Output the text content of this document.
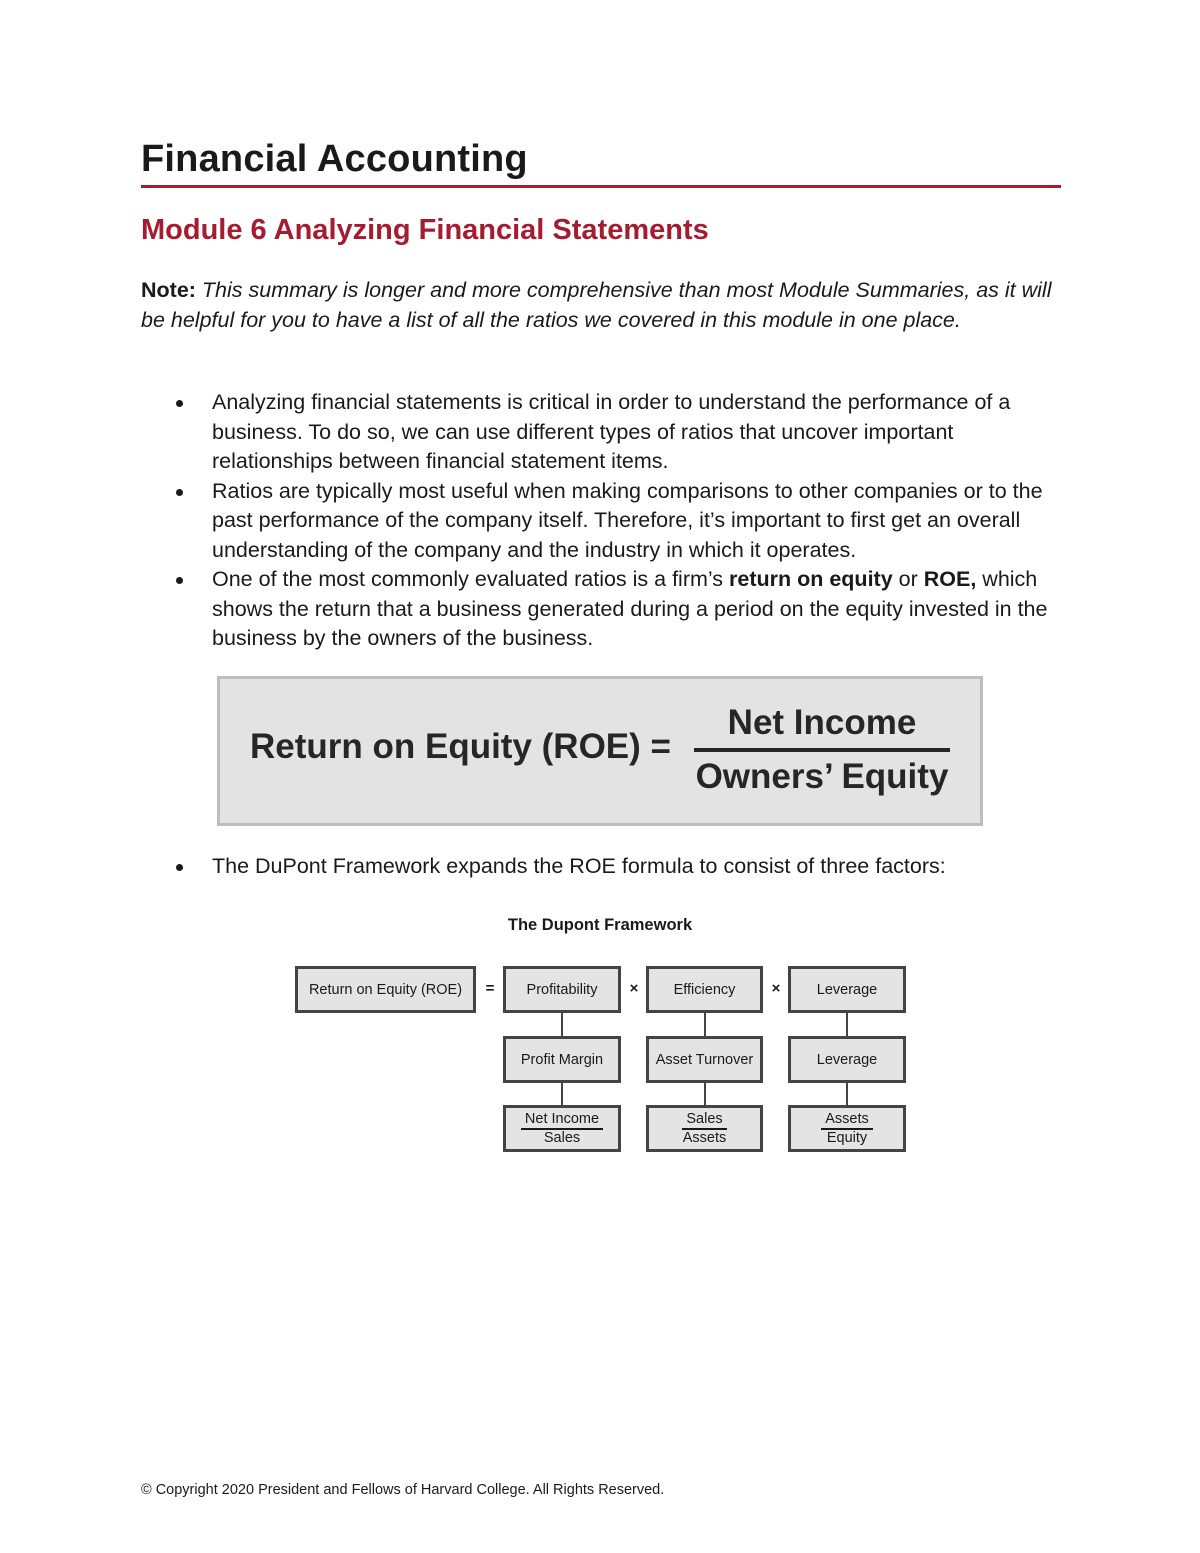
Financial Accounting
Module 6 Analyzing Financial Statements

Note: This summary is longer and more comprehensive than most Module Summaries, as it will be helpful for you to have a list of all the ratios we covered in this module in one place.

Analyzing financial statements is critical in order to understand the performance of a business. To do so, we can use different types of ratios that uncover important relationships between financial statement items.
Ratios are typically most useful when making comparisons to other companies or to the past performance of the company itself. Therefore, it’s important to first get an overall understanding of the company and the industry in which it operates.
One of the most commonly evaluated ratios is a firm’s return on equity or ROE, which shows the return that a business generated during a period on the equity invested in the business by the owners of the business.
Return on Equity (ROE) =
Net Income
Owners’ Equity
The DuPont Framework expands the ROE formula to consist of three factors:
The Dupont Framework
Return on Equity (ROE)	=	Profitability	×	Efficiency	×	Leverage
Profit Margin	Asset Turnover	Leverage
Net Income
Sales
Sales
Assets
Assets
Equity

© Copyright 2020 President and Fellows of Harvard College. All Rights Reserved.
